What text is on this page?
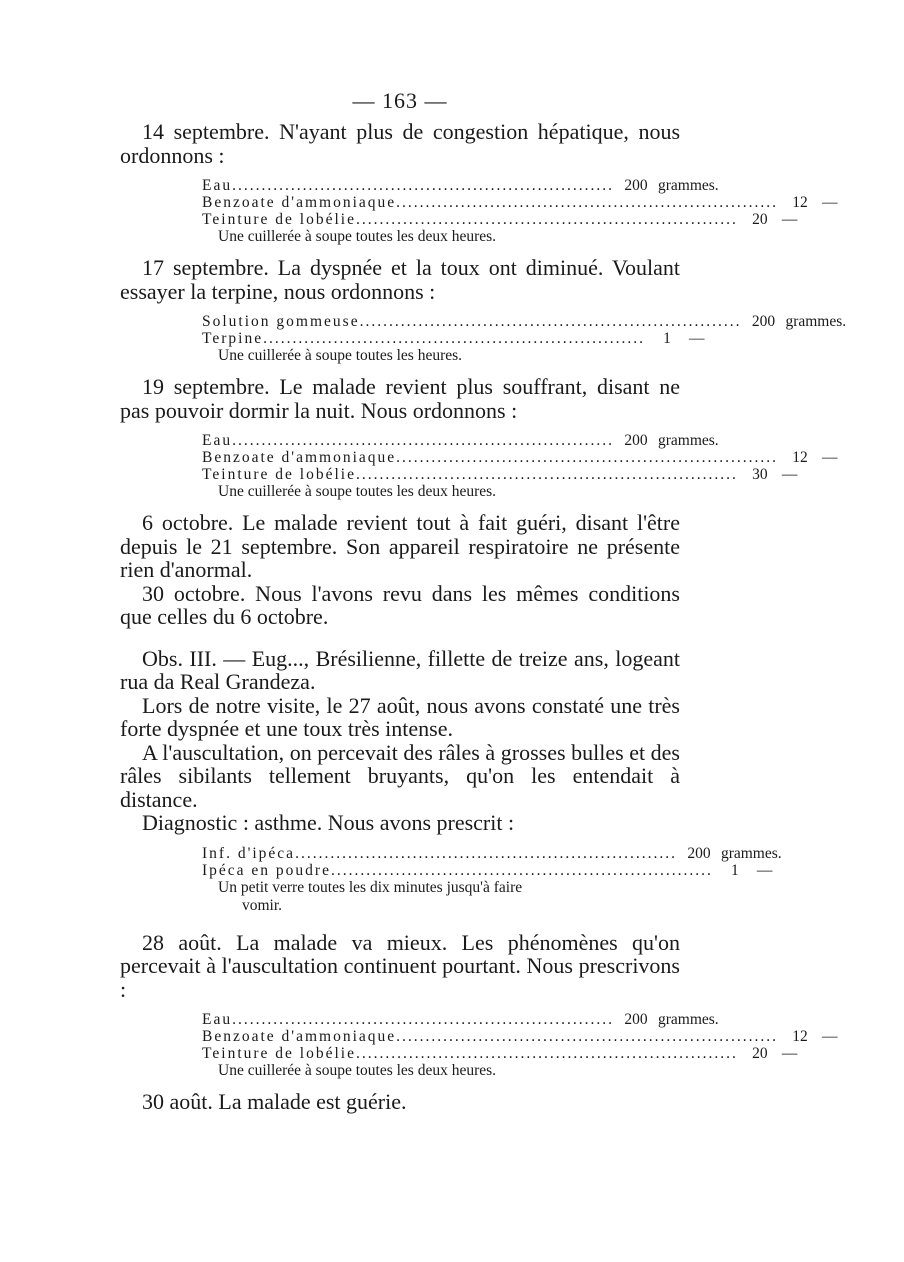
— 163 —

14 septembre. N'ayant plus de congestion hépatique, nous ordonnons :

Eau................................................................. 200 grammes.
Benzoate d'ammoniaque................................................................. 12 —
Teinture de lobélie................................................................. 20 —
Une cuillerée à soupe toutes les deux heures.

17 septembre. La dyspnée et la toux ont diminué. Voulant essayer la terpine, nous ordonnons :

Solution gommeuse................................................................. 200 grammes.
Terpine.................................................................	1	—
Une cuillerée à soupe toutes les heures.

19 septembre. Le malade revient plus souffrant, disant ne pas pouvoir dormir la nuit. Nous ordonnons :

Eau................................................................. 200 grammes.
Benzoate d'ammoniaque................................................................. 12 —
Teinture de lobélie................................................................. 30 —
Une cuillerée à soupe toutes les deux heures.

6 octobre. Le malade revient tout à fait guéri, disant l'être depuis le 21 septembre. Son appareil respiratoire ne présente rien d'anormal.

30 octobre. Nous l'avons revu dans les mêmes conditions que celles du 6 octobre.

Obs. III. — Eug..., Brésilienne, fillette de treize ans, logeant rua da Real Grandeza.

Lors de notre visite, le 27 août, nous avons constaté une très forte dyspnée et une toux très intense.

A l'auscultation, on percevait des râles à grosses bulles et des râles sibilants tellement bruyants, qu'on les entendait à distance.

Diagnostic : asthme. Nous avons prescrit :

Inf. d'ipéca................................................................. 200 grammes.
Ipéca en poudre.................................................................	1	—
Un petit verre toutes les dix minutes jusqu'à faire
vomir.

28 août. La malade va mieux. Les phénomènes qu'on percevait à l'auscultation continuent pourtant. Nous prescrivons :

Eau................................................................. 200 grammes.
Benzoate d'ammoniaque................................................................. 12 —
Teinture de lobélie................................................................. 20 —
Une cuillerée à soupe toutes les deux heures.

30 août. La malade est guérie.
